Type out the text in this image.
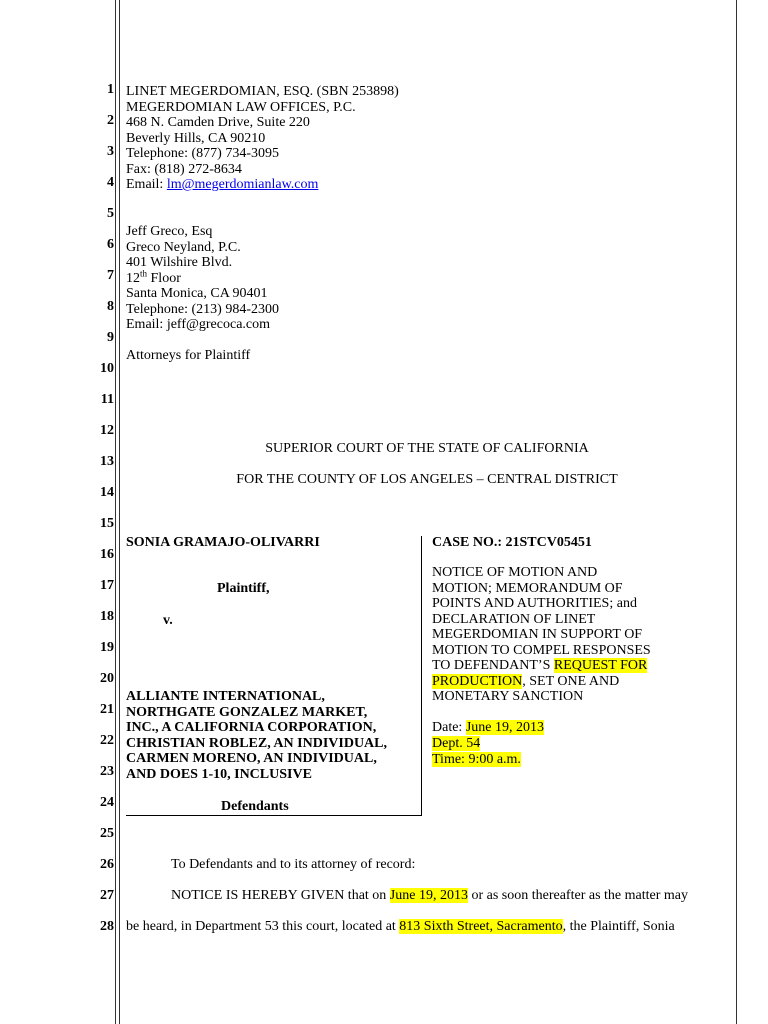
1
2
3
4
5
6
7
8
9
10
11
12
13
14
15
16
17
18
19
20
21
22
23
24
25
26
27
28
LINET MEGERDOMIAN, ESQ. (SBN 253898)
MEGERDOMIAN LAW OFFICES, P.C.
468 N. Camden Drive, Suite 220
Beverly Hills, CA 90210
Telephone: (877) 734-3095
Fax: (818) 272-8634
Email: lm@megerdomianlaw.com
Jeff Greco, Esq
Greco Neyland, P.C.
401 Wilshire Blvd.
12th Floor
Santa Monica, CA 90401
Telephone: (213) 984-2300
Email: jeff@grecoca.com
Attorneys for Plaintiff
SUPERIOR COURT OF THE STATE OF CALIFORNIA
FOR THE COUNTY OF LOS ANGELES – CENTRAL DISTRICT
SONIA GRAMAJO-OLIVARRI
Plaintiff,
v.
ALLIANTE INTERNATIONAL,
NORTHGATE GONZALEZ MARKET,
INC., A CALIFORNIA CORPORATION,
CHRISTIAN ROBLEZ, AN INDIVIDUAL,
CARMEN MORENO, AN INDIVIDUAL,
AND DOES 1-10, INCLUSIVE
Defendants
CASE NO.: 21STCV05451
NOTICE OF MOTION AND
MOTION; MEMORANDUM OF
POINTS AND AUTHORITIES; and
DECLARATION OF LINET
MEGERDOMIAN IN SUPPORT OF
MOTION TO COMPEL RESPONSES
TO DEFENDANT’S REQUEST FOR
PRODUCTION, SET ONE AND
MONETARY SANCTION
Date: June 19, 2013
Dept. 54
Time: 9:00 a.m.
To Defendants and to its attorney of record:
NOTICE IS HEREBY GIVEN that on June 19, 2013 or as soon thereafter as the matter may
be heard, in Department 53 this court, located at 813 Sixth Street, Sacramento, the Plaintiff, Sonia
